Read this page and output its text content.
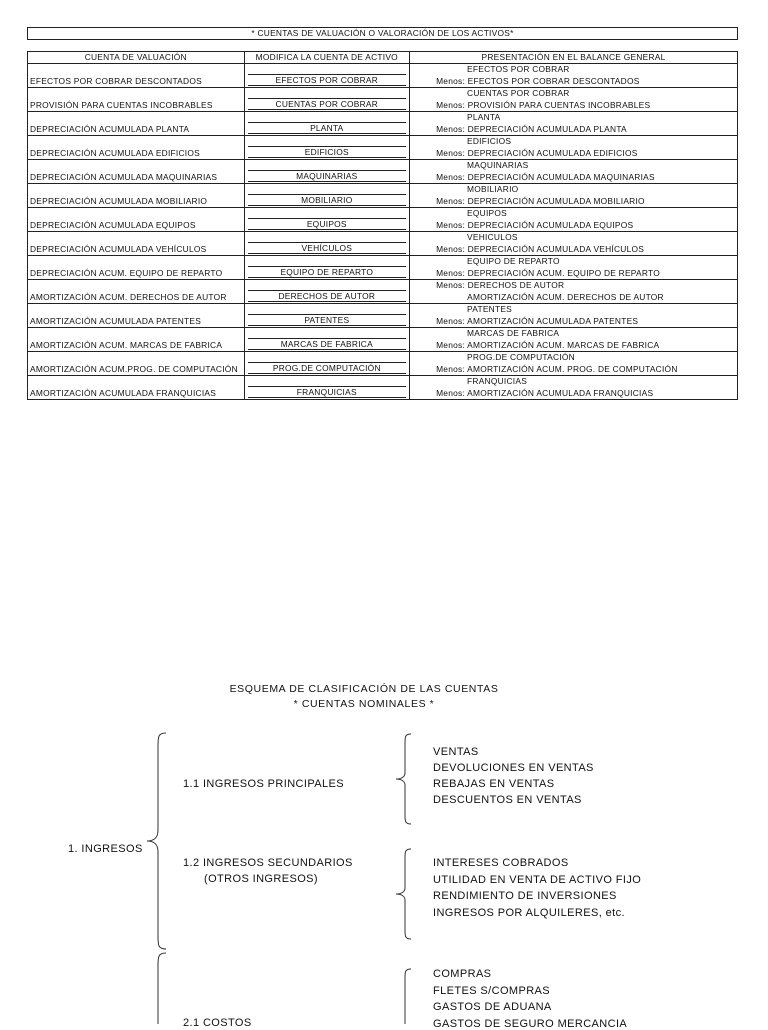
* CUENTAS DE VALUACIÓN O VALORACIÓN DE LOS ACTIVOS*		

CUENTA DE VALUACIÓN	MODIFICA LA CUENTA DE ACTIVO	PRESENTACIÓN EN EL BALANCE GENERAL
EFECTOS POR COBRAR DESCONTADOS	EFECTOS POR COBRAR	EFECTOS POR COBRAR
Menos: EFECTOS POR COBRAR DESCONTADOS

PROVISIÓN PARA CUENTAS INCOBRABLES	CUENTAS POR COBRAR	CUENTAS POR COBRAR
Menos: PROVISIÓN PARA CUENTAS INCOBRABLES

DEPRECIACIÓN ACUMULADA PLANTA	PLANTA	PLANTA
Menos: DEPRECIACIÓN ACUMULADA PLANTA

DEPRECIACIÓN ACUMULADA EDIFICIOS	EDIFICIOS	EDIFICIOS
Menos: DEPRECIACIÓN ACUMULADA EDIFICIOS

DEPRECIACIÓN ACUMULADA MAQUINARIAS	MAQUINARIAS	MAQUINARIAS
Menos: DEPRECIACIÓN ACUMULADA MAQUINARIAS

DEPRECIACIÓN ACUMULADA MOBILIARIO	MOBILIARIO	MOBILIARIO
Menos: DEPRECIACIÓN ACUMULADA MOBILIARIO

DEPRECIACIÓN ACUMULADA EQUIPOS	EQUIPOS	EQUIPOS
Menos: DEPRECIACIÓN ACUMULADA EQUIPOS

DEPRECIACIÓN ACUMULADA VEHÍCULOS	VEHÍCULOS	VEHICULOS
Menos: DEPRECIACIÓN ACUMULADA VEHÍCULOS

DEPRECIACIÓN ACUM. EQUIPO DE REPARTO	EQUIPO DE REPARTO	EQUIPO DE REPARTO
Menos: DEPRECIACIÓN ACUM. EQUIPO DE REPARTO

AMORTIZACIÓN ACUM. DERECHOS DE AUTOR	DERECHOS DE AUTOR	Menos: DERECHOS DE AUTOR
AMORTIZACIÓN ACUM. DERECHOS DE AUTOR

AMORTIZACIÓN ACUMULADA PATENTES	PATENTES	PATENTES
Menos: AMORTIZACIÓN ACUMULADA PATENTES

AMORTIZACIÓN ACUM. MARCAS DE FABRICA	MARCAS DE FABRICA	MARCAS DE FABRICA
Menos: AMORTIZACIÓN ACUM. MARCAS DE FABRICA

AMORTIZACIÓN ACUM.PROG. DE COMPUTACIÓN	PROG.DE COMPUTACIÓN	PROG.DE COMPUTACIÓN
Menos: AMORTIZACIÓN ACUM. PROG. DE COMPUTACIÓN

AMORTIZACIÓN ACUMULADA FRANQUICIAS	FRANQUICIAS	FRANQUICIAS
Menos: AMORTIZACIÓN ACUMULADA FRANQUICIAS
ESQUEMA DE CLASIFICACIÓN DE LAS CUENTAS
* CUENTAS NOMINALES *
1. INGRESOS
1.1 INGRESOS PRINCIPALES
VENTAS
DEVOLUCIONES EN VENTAS
REBAJAS EN VENTAS
DESCUENTOS EN VENTAS
1.2 INGRESOS SECUNDARIOS
(OTROS INGRESOS)
INTERESES COBRADOS
UTILIDAD EN VENTA DE ACTIVO FIJO
RENDIMIENTO DE INVERSIONES
INGRESOS POR ALQUILERES, etc.
2.1 COSTOS
COMPRAS
FLETES S/COMPRAS
GASTOS DE ADUANA
GASTOS DE SEGURO MERCANCIA
